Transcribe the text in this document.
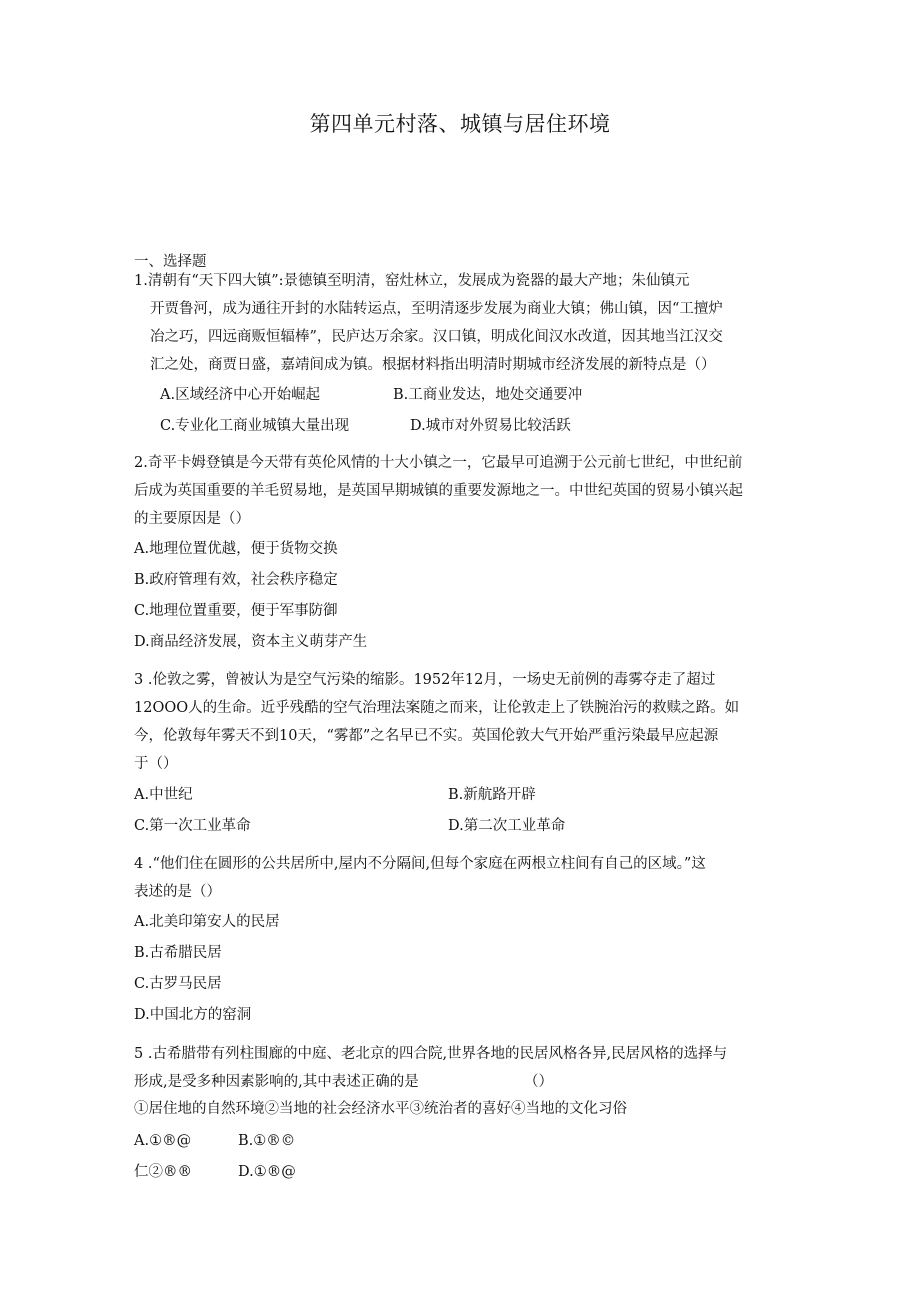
第四单元村落、城镇与居住环境
一、选择题
1.清朝有“天下四大镇”:景德镇至明清，窑灶林立，发展成为瓷器的最大产地；朱仙镇元
开贾鲁河，成为通往开封的水陆转运点，至明清逐步发展为商业大镇；佛山镇，因“工擅炉
冶之巧，四远商贩恒辐棒”，民庐达万余家。汉口镇，明成化间汉水改道，因其地当江汉交
汇之处，商贾日盛，嘉靖间成为镇。根据材料指出明清时期城市经济发展的新特点是（）
A.区域经济中心开始崛起	B.工商业发达，地处交通要冲
C.专业化工商业城镇大量出现	D.城市对外贸易比较活跃
2.奇平卡姆登镇是今天带有英伦风情的十大小镇之一，它最早可追溯于公元前七世纪，中世纪前
后成为英国重要的羊毛贸易地，是英国早期城镇的重要发源地之一。中世纪英国的贸易小镇兴起
的主要原因是（）
A.地理位置优越，便于货物交换
B.政府管理有效，社会秩序稳定
C.地理位置重要，便于军事防御
D.商品经济发展，资本主义萌芽产生
3 .伦敦之雾，曾被认为是空气污染的缩影。1952年12月，一场史无前例的毒雾夺走了超过
12OOO人的生命。近乎残酷的空气治理法案随之而来，让伦敦走上了铁腕治污的救赎之路。如
今，伦敦每年雾天不到10天，“雾都”之名早已不实。英国伦敦大气开始严重污染最早应起源
于（）
A.中世纪	B.新航路开辟
C.第一次工业革命	D.第二次工业革命
4 .“他们住在圆形的公共居所中,屋内不分隔间,但每个家庭在两根立柱间有自己的区域。”这
表述的是（）
A.北美印第安人的民居
B.古希腊民居
C.古罗马民居
D.中国北方的窑洞
5 .古希腊带有列柱围廊的中庭、老北京的四合院,世界各地的民居风格各异,民居风格的选择与
形成,是受多种因素影响的,其中表述正确的是	（）
①居住地的自然环境②当地的社会经济水平③统治者的喜好④当地的文化习俗
A.①®@	B.①®©
仁②®®	D.①®@
